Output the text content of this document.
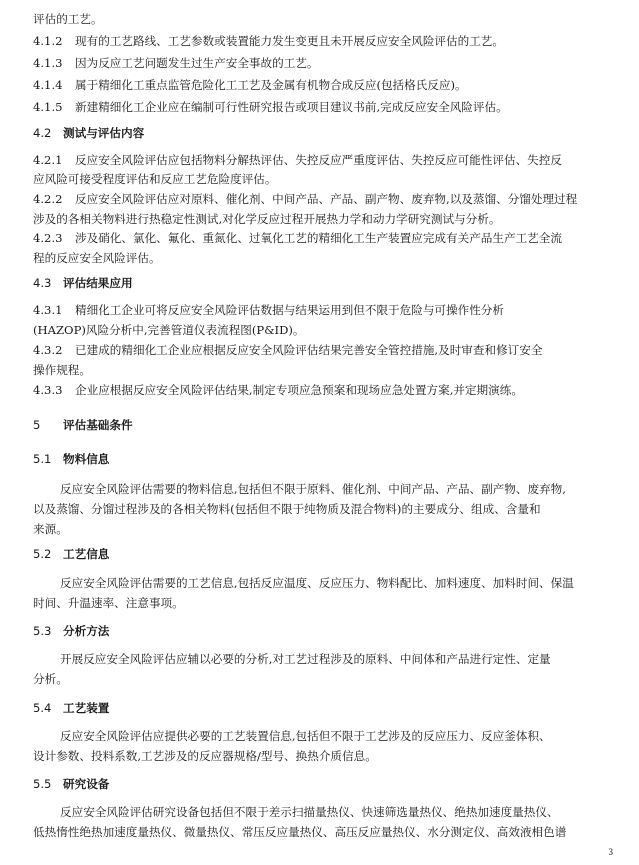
评估的工艺。
4.1.2 现有的工艺路线、工艺参数或装置能力发生变更且未开展反应安全风险评估的工艺。
4.1.3 因为反应工艺问题发生过生产安全事故的工艺。
4.1.4 属于精细化工重点监管危险化工工艺及金属有机物合成反应(包括格氏反应)。
4.1.5 新建精细化工企业应在编制可行性研究报告或项目建议书前,完成反应安全风险评估。
4.2 测试与评估内容
4.2.1 反应安全风险评估应包括物料分解热评估、失控反应严重度评估、失控反应可能性评估、失控反
应风险可接受程度评估和反应工艺危险度评估。
4.2.2 反应安全风险评估应对原料、催化剂、中间产品、产品、副产物、废弃物,以及蒸馏、分馏处理过程
涉及的各相关物料进行热稳定性测试,对化学反应过程开展热力学和动力学研究测试与分析。
4.2.3 涉及硝化、氯化、氟化、重氮化、过氧化工艺的精细化工生产装置应完成有关产品生产工艺全流
程的反应安全风险评估。
4.3 评估结果应用
4.3.1 精细化工企业可将反应安全风险评估数据与结果运用到但不限于危险与可操作性分析
(HAZOP)风险分析中,完善管道仪表流程图(P&ID)。
4.3.2 已建成的精细化工企业应根据反应安全风险评估结果完善安全管控措施,及时审查和修订安全
操作规程。
4.3.3 企业应根据反应安全风险评估结果,制定专项应急预案和现场应急处置方案,并定期演练。
5 评估基础条件
5.1 物料信息
反应安全风险评估需要的物料信息,包括但不限于原料、催化剂、中间产品、产品、副产物、废弃物,
以及蒸馏、分馏过程涉及的各相关物料(包括但不限于纯物质及混合物料)的主要成分、组成、含量和
来源。
5.2 工艺信息
反应安全风险评估需要的工艺信息,包括反应温度、反应压力、物料配比、加料速度、加料时间、保温
时间、升温速率、注意事项。
5.3 分析方法
开展反应安全风险评估应辅以必要的分析,对工艺过程涉及的原料、中间体和产品进行定性、定量
分析。
5.4 工艺装置
反应安全风险评估应提供必要的工艺装置信息,包括但不限于工艺涉及的反应压力、反应釜体积、
设计参数、投料系数,工艺涉及的反应器规格/型号、换热介质信息。
5.5 研究设备
反应安全风险评估研究设备包括但不限于差示扫描量热仪、快速筛选量热仪、绝热加速度量热仪、
低热惰性绝热加速度量热仪、微量热仪、常压反应量热仪、高压反应量热仪、水分测定仪、高效液相色谱
3
